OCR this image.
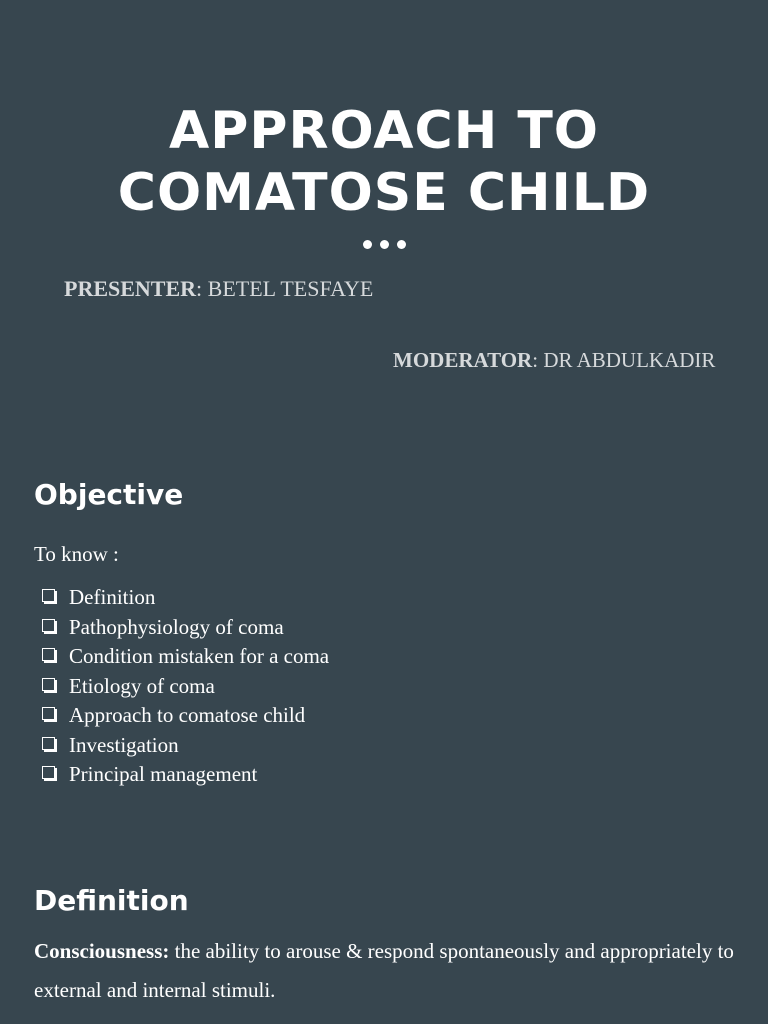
APPROACH TO
COMATOSE CHILD

PRESENTER: BETEL TESFAYE
MODERATOR: DR ABDULKADIR
Objective
To know :
Definition
Pathophysiology of coma
Condition mistaken for a coma
Etiology of coma
Approach to comatose child
Investigation
Principal management
Definition
Consciousness: the ability to arouse & respond spontaneously and appropriately to external and internal stimuli.
